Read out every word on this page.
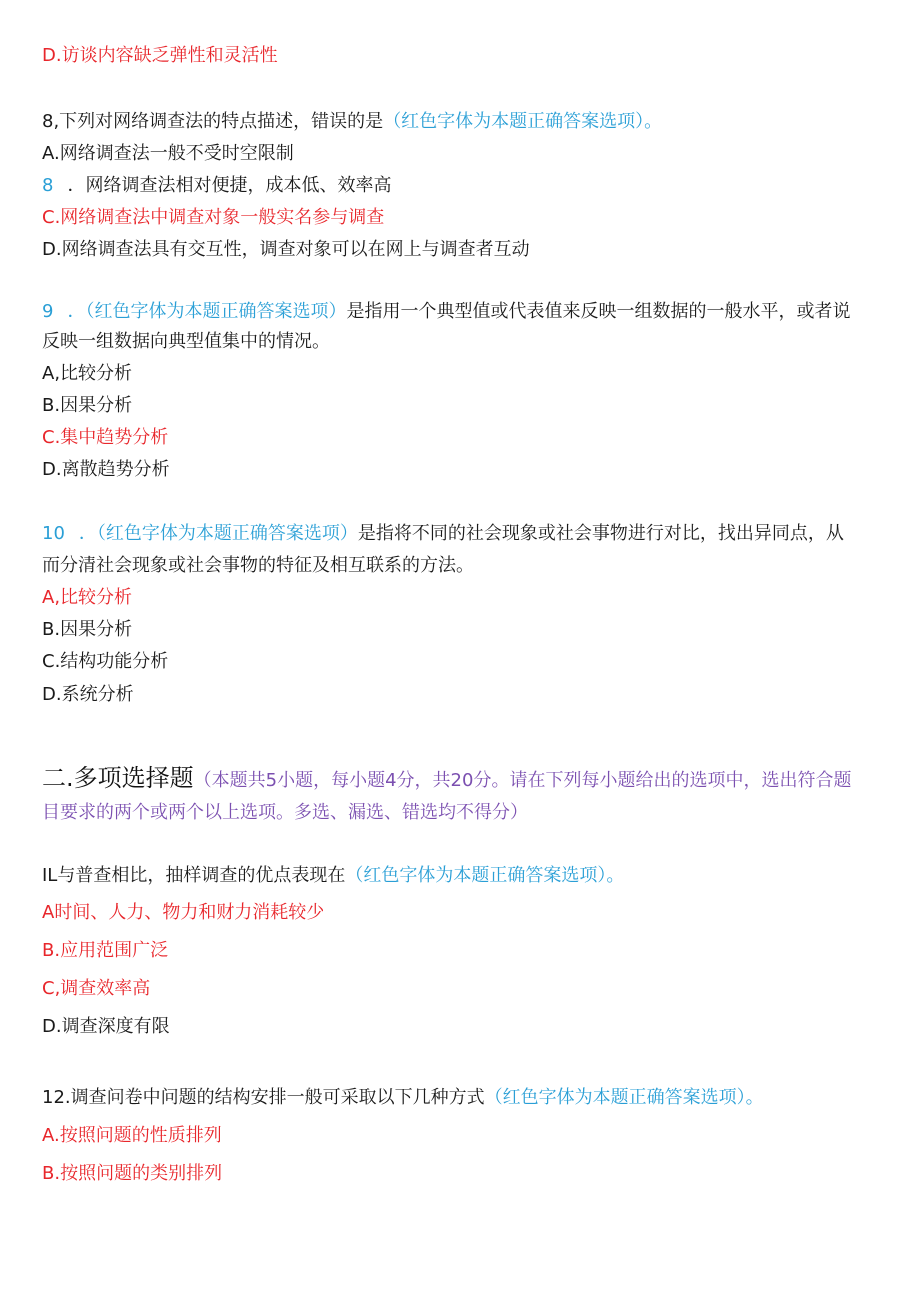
D.访谈内容缺乏弹性和灵活性
8,下列对网络调查法的特点描述，错误的是（红色字体为本题正确答案选项）。
A.网络调查法一般不受时空限制
8 ．网络调查法相对便捷，成本低、效率高
C.网络调查法中调查对象一般实名参与调查
D.网络调查法具有交互性，调查对象可以在网上与调查者互动
9 ．（红色字体为本题正确答案选项）是指用一个典型值或代表值来反映一组数据的一般水平，或者说
反映一组数据向典型值集中的情况。
A,比较分析
B.因果分析
C.集中趋势分析
D.离散趋势分析
10 ．（红色字体为本题正确答案选项）是指将不同的社会现象或社会事物进行对比，找出异同点，从
而分清社会现象或社会事物的特征及相互联系的方法。
A,比较分析
B.因果分析
C.结构功能分析
D.系统分析
二.多项选择题（本题共5小题，每小题4分，共20分。请在下列每小题给出的选项中，选出符合题
目要求的两个或两个以上选项。多选、漏选、错选均不得分）
IL与普查相比，抽样调查的优点表现在（红色字体为本题正确答案选项）。
A时间、人力、物力和财力消耗较少
B.应用范围广泛
C,调查效率高
D.调查深度有限
12.调查问卷中问题的结构安排一般可采取以下几种方式（红色字体为本题正确答案选项）。
A.按照问题的性质排列
B.按照问题的类别排列
